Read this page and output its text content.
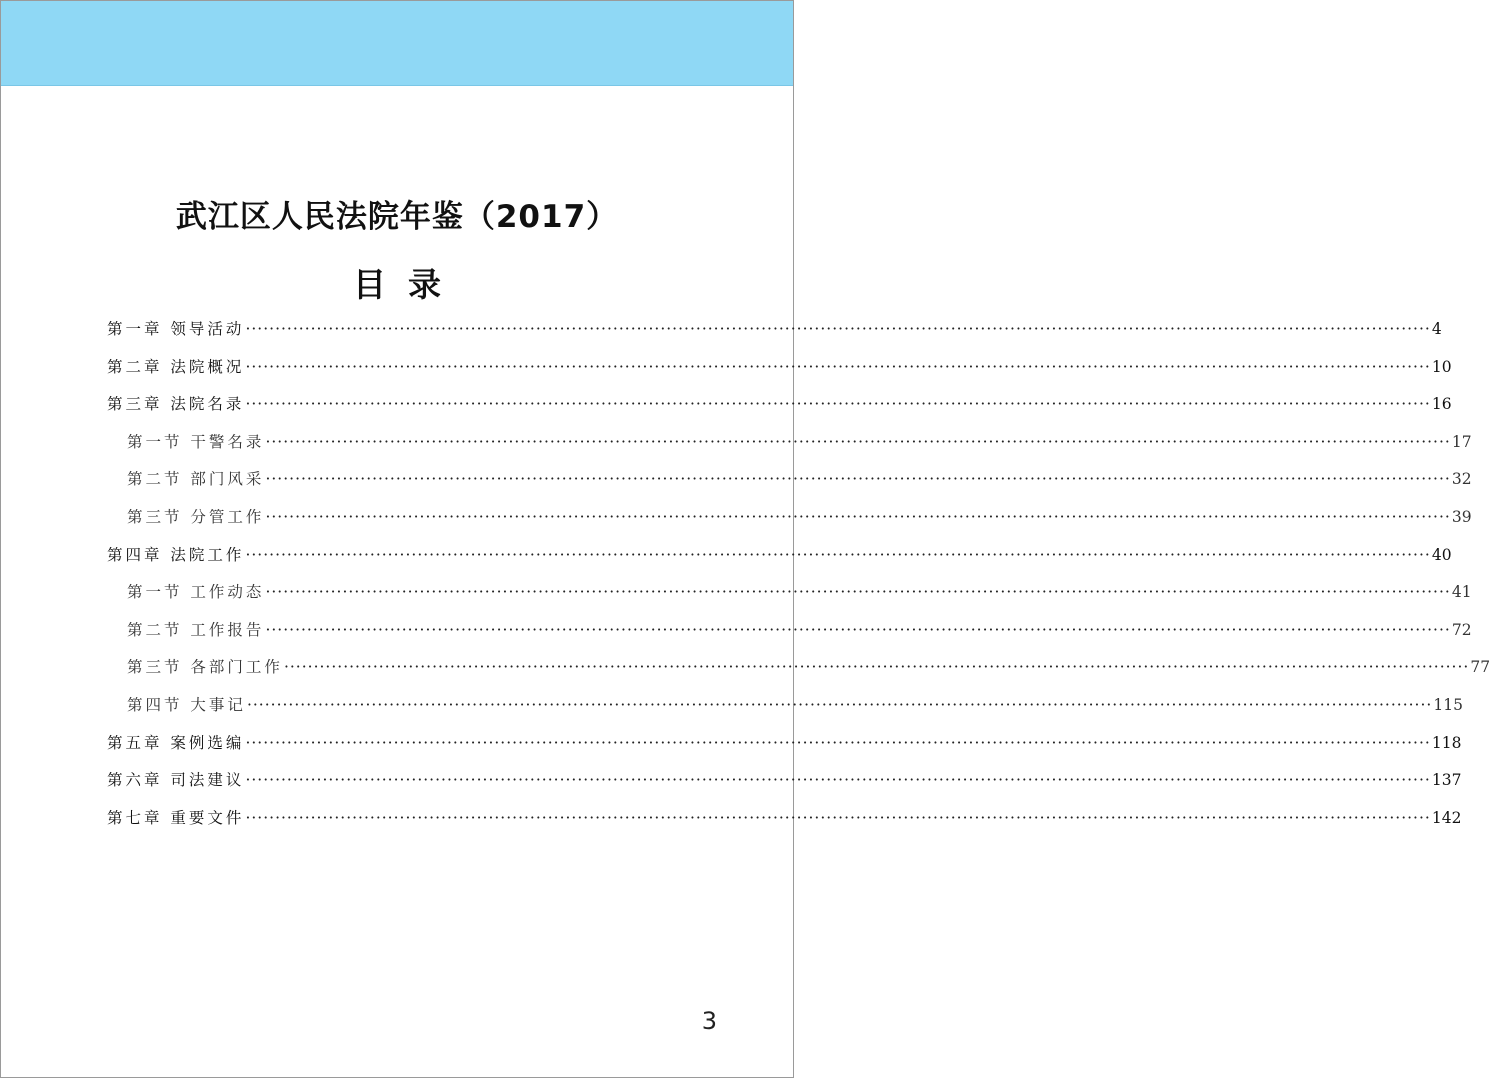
武江区人民法院年鉴（2017）
目录
第一章 领导活动 ········································································································································································································ 4
第二章 法院概况 ········································································································································································································ 10
第三章 法院名录 ········································································································································································································ 16
第一节 干警名录 ········································································································································································································ 17
第二节 部门风采 ········································································································································································································ 32
第三节 分管工作 ········································································································································································································ 39
第四章 法院工作 ········································································································································································································ 40
第一节 工作动态 ········································································································································································································ 41
第二节 工作报告 ········································································································································································································ 72
第三节 各部门工作 ········································································································································································································ 77
第四节 大事记 ········································································································································································································ 115
第五章 案例选编 ········································································································································································································ 118
第六章 司法建议 ········································································································································································································ 137
第七章 重要文件 ········································································································································································································ 142
3
